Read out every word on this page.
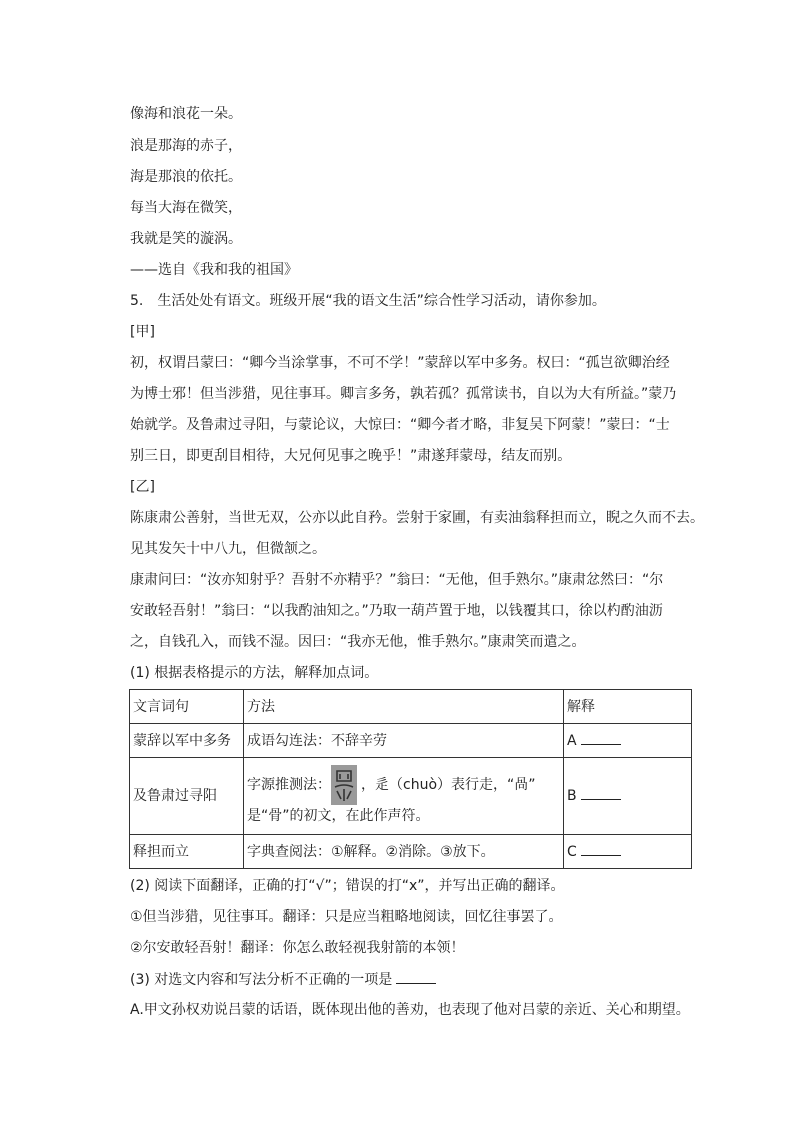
像海和浪花一朵。
浪是那海的赤子，
海是那浪的依托。
每当大海在微笑，
我就是笑的漩涡。
——选自《我和我的祖国》
5.　生活处处有语文。班级开展“我的语文生活”综合性学习活动，请你参加。
[甲]
初，权谓吕蒙曰：“卿今当涂掌事，不可不学！”蒙辞以军中多务。权曰：“孤岂欲卿治经
为博士邪！但当涉猎，见往事耳。卿言多务，孰若孤？孤常读书，自以为大有所益。”蒙乃
始就学。及鲁肃过寻阳，与蒙论议，大惊曰：“卿今者才略，非复吴下阿蒙！”蒙曰：“士
别三日，即更刮目相待，大兄何见事之晚乎！”肃遂拜蒙母，结友而别。
[乙]
陈康肃公善射，当世无双，公亦以此自矜。尝射于家圃，有卖油翁释担而立，睨之久而不去。
见其发矢十中八九，但微颔之。
康肃问曰：“汝亦知射乎？吾射不亦精乎？”翁曰：“无他，但手熟尔。”康肃忿然曰：“尔
安敢轻吾射！”翁曰：“以我酌油知之。”乃取一葫芦置于地，以钱覆其口，徐以杓酌油沥
之，自钱孔入，而钱不湿。因曰：“我亦无他，惟手熟尔。”康肃笑而遣之。
(1) 根据表格提示的方法，解释加点词。
文言词句	方法	解释
蒙辞以军中多务	成语勾连法：不辞辛劳	A
及鲁肃过寻阳	字源推测法： ，辵（chuò）表行走，“咼”
是“骨”的初文，在此作声符。	B
释担而立	字典查阅法：①解释。②消除。③放下。	C
(2) 阅读下面翻译，正确的打“√”；错误的打“x”，并写出正确的翻译。
①但当涉猎，见往事耳。翻译：只是应当粗略地阅读，回忆往事罢了。
②尔安敢轻吾射！翻译：你怎么敢轻视我射箭的本领！
(3) 对选文内容和写法分析不正确的一项是
A.甲文孙权劝说吕蒙的话语，既体现出他的善劝，也表现了他对吕蒙的亲近、关心和期望。
